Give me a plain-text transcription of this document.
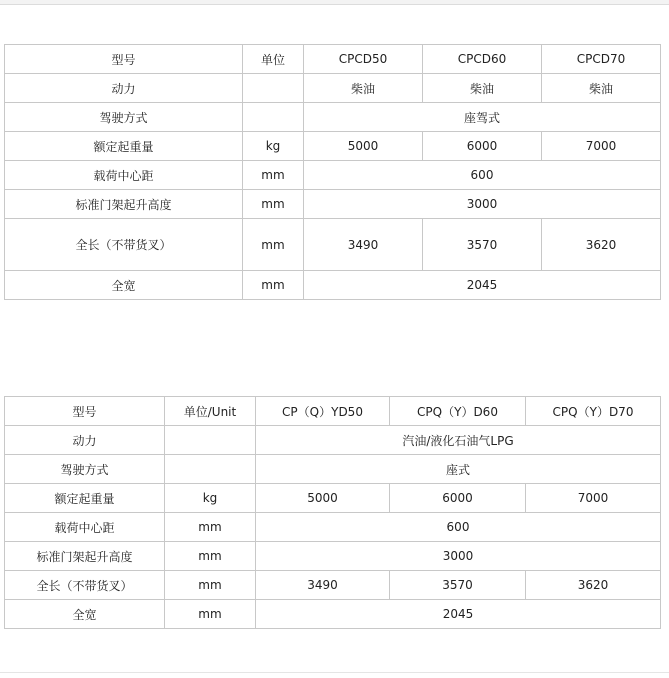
型号	单位	CPCD50	CPCD60	CPCD70
动力		柴油	柴油	柴油
驾驶方式		座驾式		
额定起重量	kg	5000	6000	7000
载荷中心距	mm	600		
标准门架起升高度	mm	3000		
全长（不带货叉）	mm	3490	3570	3620
全宽	mm	2045		
型号	单位/Unit	CP（Q）YD50	CPQ（Y）D60	CPQ（Y）D70
动力		汽油/液化石油气LPG		
驾驶方式		座式		
额定起重量	kg	5000	6000	7000
载荷中心距	mm	600		
标准门架起升高度	mm	3000		
全长（不带货叉）	mm	3490	3570	3620
全宽	mm	2045		
